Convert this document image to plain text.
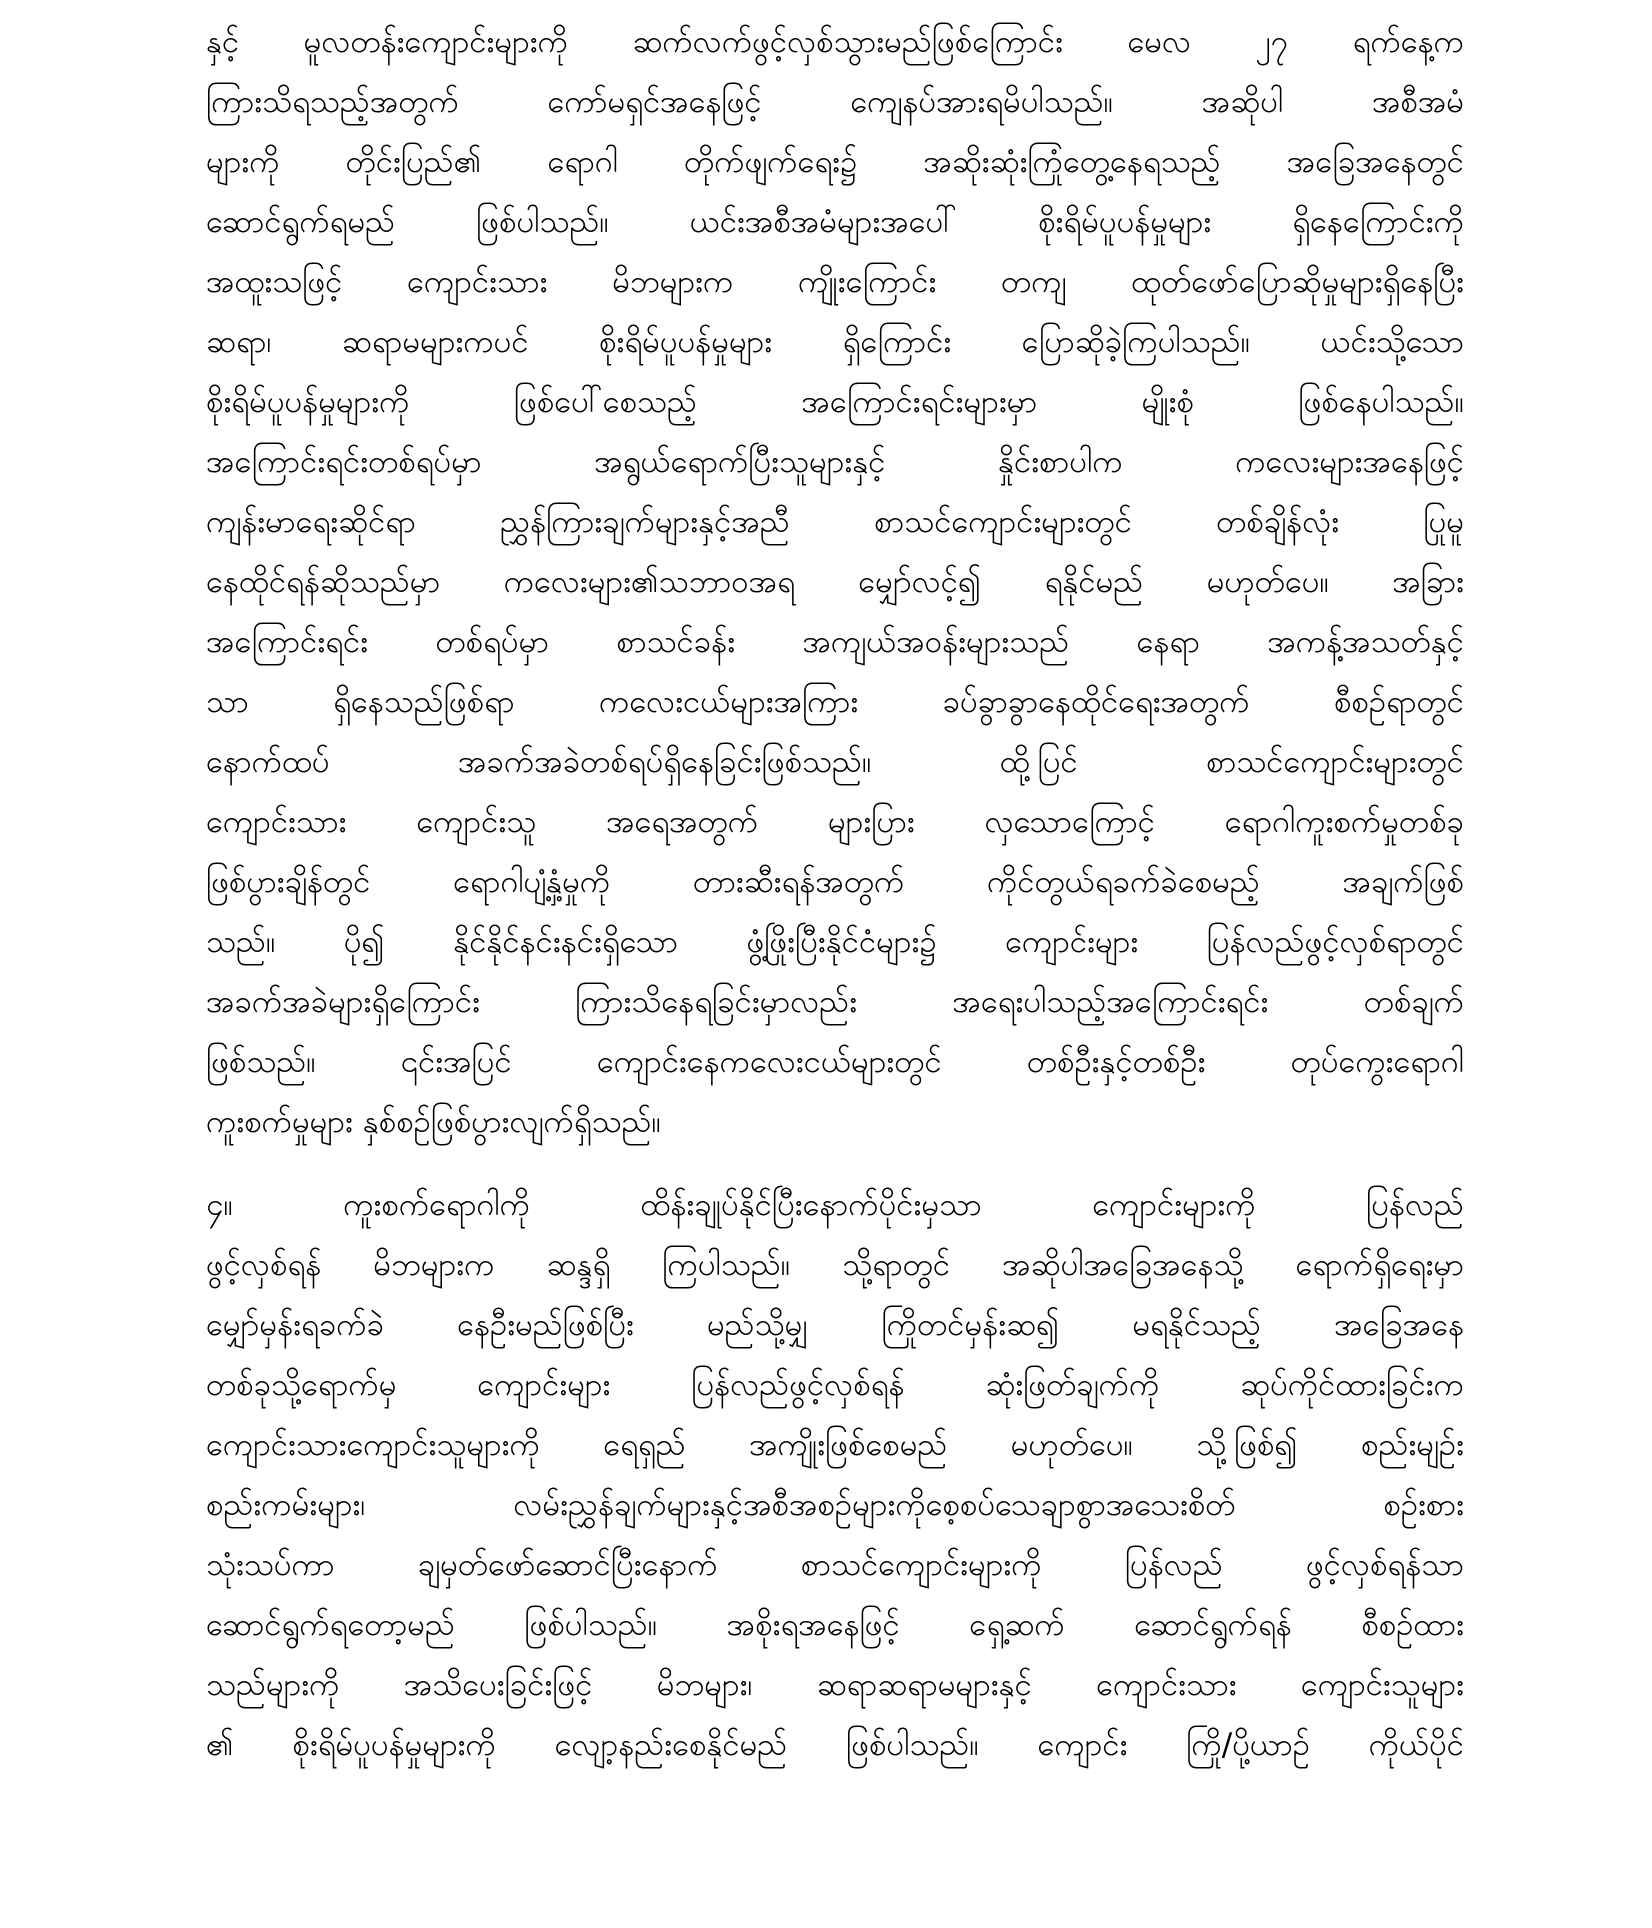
နှင့် မူလတန်းကျောင်းများကို ဆက်လက်ဖွင့်လှစ်သွားမည်ဖြစ်ကြောင်း မေလ ၂၇ ရက်နေ့က
ကြားသိရသည့်အတွက် ကော်မရှင်အနေဖြင့် ကျေနပ်အားရမိပါသည်။ အဆိုပါ အစီအမံ
များကို တိုင်းပြည်၏ ရောဂါ တိုက်ဖျက်ရေး၌ အဆိုးဆုံးကြုံတွေ့နေရသည့် အခြေအနေတွင်
ဆောင်ရွက်ရမည် ဖြစ်ပါသည်။ ယင်းအစီအမံများအပေါ် စိုးရိမ်ပူပန်မှုများ ရှိနေကြောင်းကို
အထူးသဖြင့် ကျောင်းသား မိဘများက ကျိုးကြောင်း တကျ ထုတ်ဖော်ပြောဆိုမှုများရှိနေပြီး
ဆရာ၊ ဆရာမများကပင် စိုးရိမ်ပူပန်မှုများ ရှိကြောင်း ပြောဆိုခဲ့ကြပါသည်။ ယင်းသို့သော
စိုးရိမ်ပူပန်မှုများကို ဖြစ်ပေါ်စေသည့် အကြောင်းရင်းများမှာ မျိုးစုံ ဖြစ်နေပါသည်။
အကြောင်းရင်းတစ်ရပ်မှာ အရွယ်ရောက်ပြီးသူများနှင့် နှိုင်းစာပါက ကလေးများအနေဖြင့်
ကျန်းမာရေးဆိုင်ရာ ညွှန်ကြားချက်များနှင့်အညီ စာသင်ကျောင်းများတွင် တစ်ချိန်လုံး ပြုမူ
နေထိုင်ရန်ဆိုသည်မှာ ကလေးများ၏သဘာဝအရ မျှော်လင့်၍ ရနိုင်မည် မဟုတ်ပေ။ အခြား
အကြောင်းရင်း တစ်ရပ်မှာ စာသင်ခန်း အကျယ်အဝန်းများသည် နေရာ အကန့်အသတ်နှင့်
သာ ရှိနေသည်ဖြစ်ရာ ကလေးငယ်များအကြား ခပ်ခွာခွာနေထိုင်ရေးအတွက် စီစဉ်ရာတွင်
နောက်ထပ် အခက်အခဲတစ်ရပ်ရှိနေခြင်းဖြစ်သည်။ ထို့ပြင် စာသင်ကျောင်းများတွင်
ကျောင်းသား ကျောင်းသူ အရေအတွက် များပြား လှသောကြောင့် ရောဂါကူးစက်မှုတစ်ခု
ဖြစ်ပွားချိန်တွင် ရောဂါပျံ့နှံ့မှုကို တားဆီးရန်အတွက် ကိုင်တွယ်ရခက်ခဲစေမည့် အချက်ဖြစ်
သည်။ ပို၍ နိုင်နိုင်နင်းနင်းရှိသော ဖွံ့ဖြိုးပြီးနိုင်ငံများ၌ ကျောင်းများ ပြန်လည်ဖွင့်လှစ်ရာတွင်
အခက်အခဲများရှိကြောင်း ကြားသိနေရခြင်းမှာလည်း အရေးပါသည့်အကြောင်းရင်း တစ်ချက်
ဖြစ်သည်။ ၎င်းအပြင် ကျောင်းနေကလေးငယ်များတွင် တစ်ဦးနှင့်တစ်ဦး တုပ်ကွေးရောဂါ
ကူးစက်မှုများ နှစ်စဉ်ဖြစ်ပွားလျက်ရှိသည်။
၄။ ကူးစက်ရောဂါကို ထိန်းချုပ်နိုင်ပြီးနောက်ပိုင်းမှသာ ကျောင်းများကို ပြန်လည်
ဖွင့်လှစ်ရန် မိဘများက ဆန္ဒရှိ ကြပါသည်။ သို့ရာတွင် အဆိုပါအခြေအနေသို့ ရောက်ရှိရေးမှာ
မျှော်မှန်းရခက်ခဲ နေဦးမည်ဖြစ်ပြီး မည်သို့မျှ ကြိုတင်မှန်းဆ၍ မရနိုင်သည့် အခြေအနေ
တစ်ခုသို့ရောက်မှ ကျောင်းများ ပြန်လည်ဖွင့်လှစ်ရန် ဆုံးဖြတ်ချက်ကို ဆုပ်ကိုင်ထားခြင်းက
ကျောင်းသားကျောင်းသူများကို ရေရှည် အကျိုးဖြစ်စေမည် မဟုတ်ပေ။ သို့ဖြစ်၍ စည်းမျဉ်း
စည်းကမ်းများ၊ လမ်းညွှန်ချက်များနှင့်အစီအစဉ်များကိုစေ့စပ်သေချာစွာအသေးစိတ် စဉ်းစား
သုံးသပ်ကာ ချမှတ်ဖော်ဆောင်ပြီးနောက် စာသင်ကျောင်းများကို ပြန်လည် ဖွင့်လှစ်ရန်သာ
ဆောင်ရွက်ရတော့မည် ဖြစ်ပါသည်။ အစိုးရအနေဖြင့် ရှေ့ဆက် ဆောင်ရွက်ရန် စီစဉ်ထား
သည်များကို အသိပေးခြင်းဖြင့် မိဘများ၊ ဆရာဆရာမများနှင့် ကျောင်းသား ကျောင်းသူများ
၏ စိုးရိမ်ပူပန်မှုများကို လျော့နည်းစေနိုင်မည် ဖြစ်ပါသည်။ ကျောင်း ကြို/ပို့ယာဉ် ကိုယ်ပိုင်
